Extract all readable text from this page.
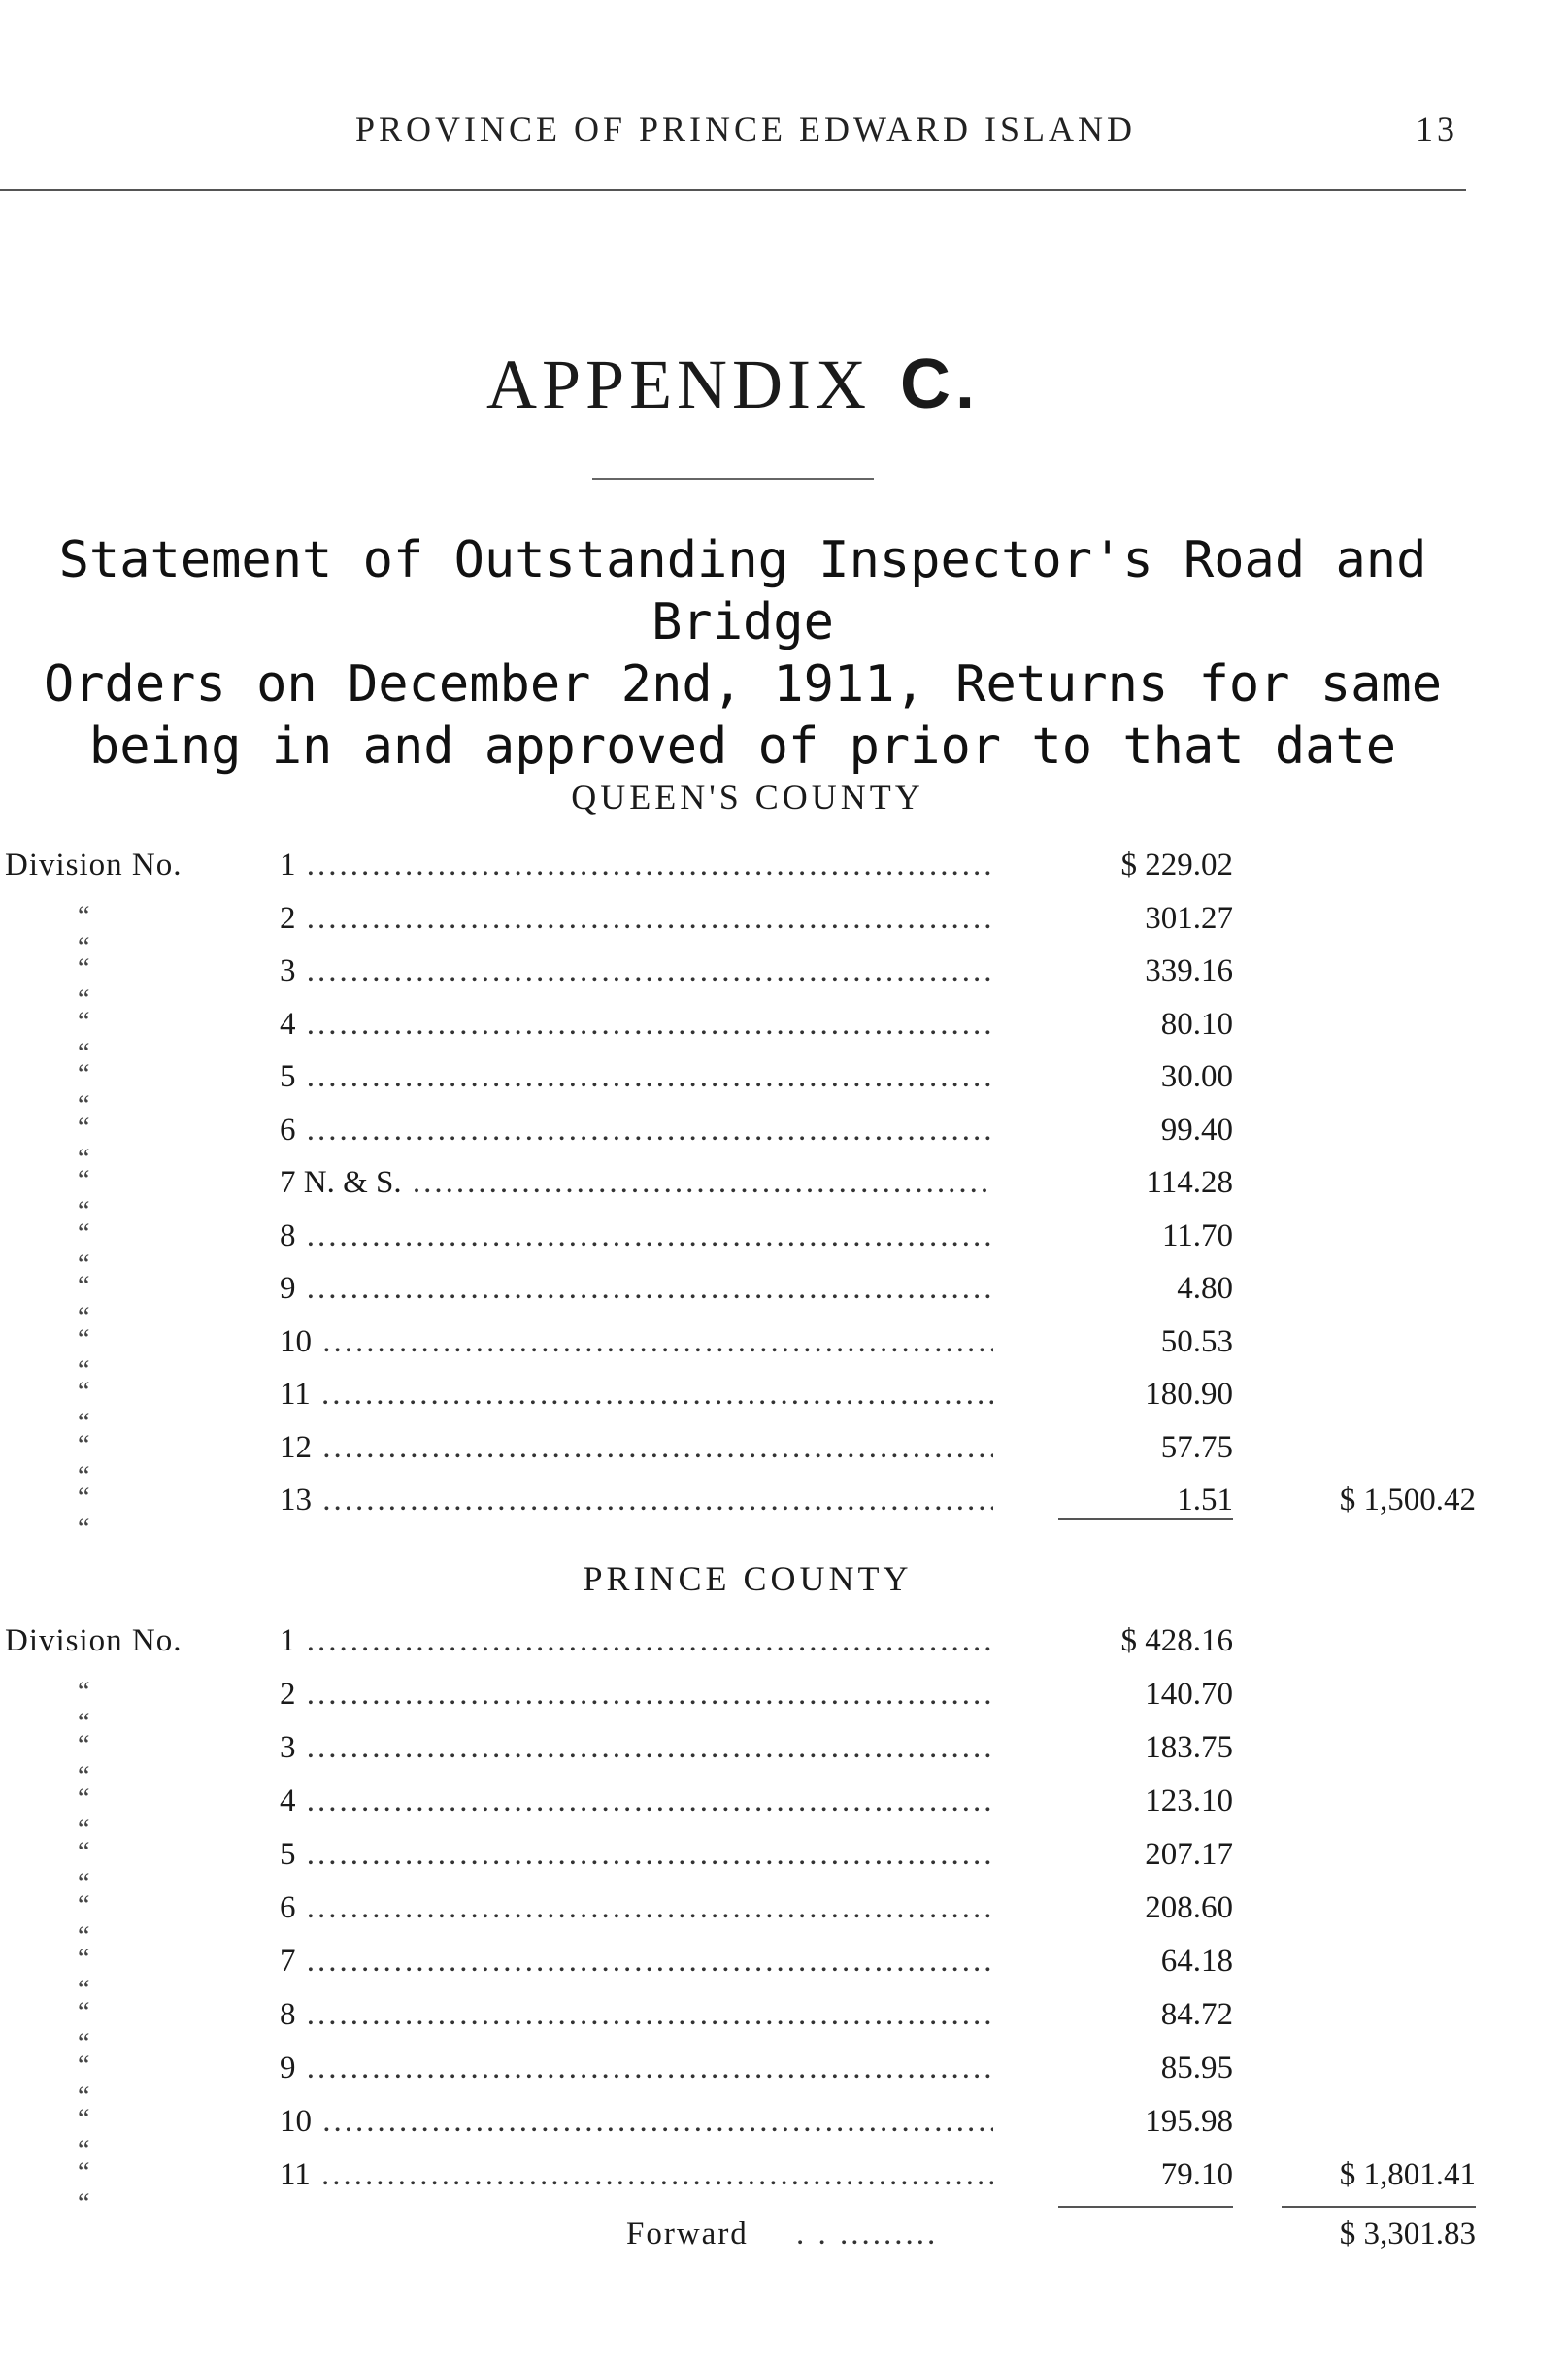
PROVINCE OF PRINCE EDWARD ISLAND	13
APPENDIX C.
Statement of Outstanding Inspector's Road and Bridge
Orders on December 2nd, 1911, Returns for same
being in and approved of prior to that date
QUEEN'S COUNTY
Division No.	1 .....	$ 229.02
“ “
2 .....	301.27
“ “
3 .....	339.16
“ “
4 .....	80.10
“ “
5 .....	30.00
“ “
6 .....	99.40
“ “
7 N. & S. .....	114.28
“ “
8 .....	11.70
“ “
9 .....	4.80
“ “
10 .....	50.53
“ “
11 .....	180.90
“ “
12 .....	57.75
“ “
13 .....	1.51	$ 1,500.42
PRINCE COUNTY
Division No.	1 .....	$ 428.16
“ “
2 .....	140.70
“ “
3 .....	183.75
“ “
4 .....	123.10
“ “
5 .....	207.17
“ “
6 .....	208.60
“ “
7 .....	64.18
“ “
8 .....	84.72
“ “
9 .....	85.95
“ “
10 .....	195.98
“ “
11 .....	79.10	$ 1,801.41
Forward . . .........	$ 3,301.83
